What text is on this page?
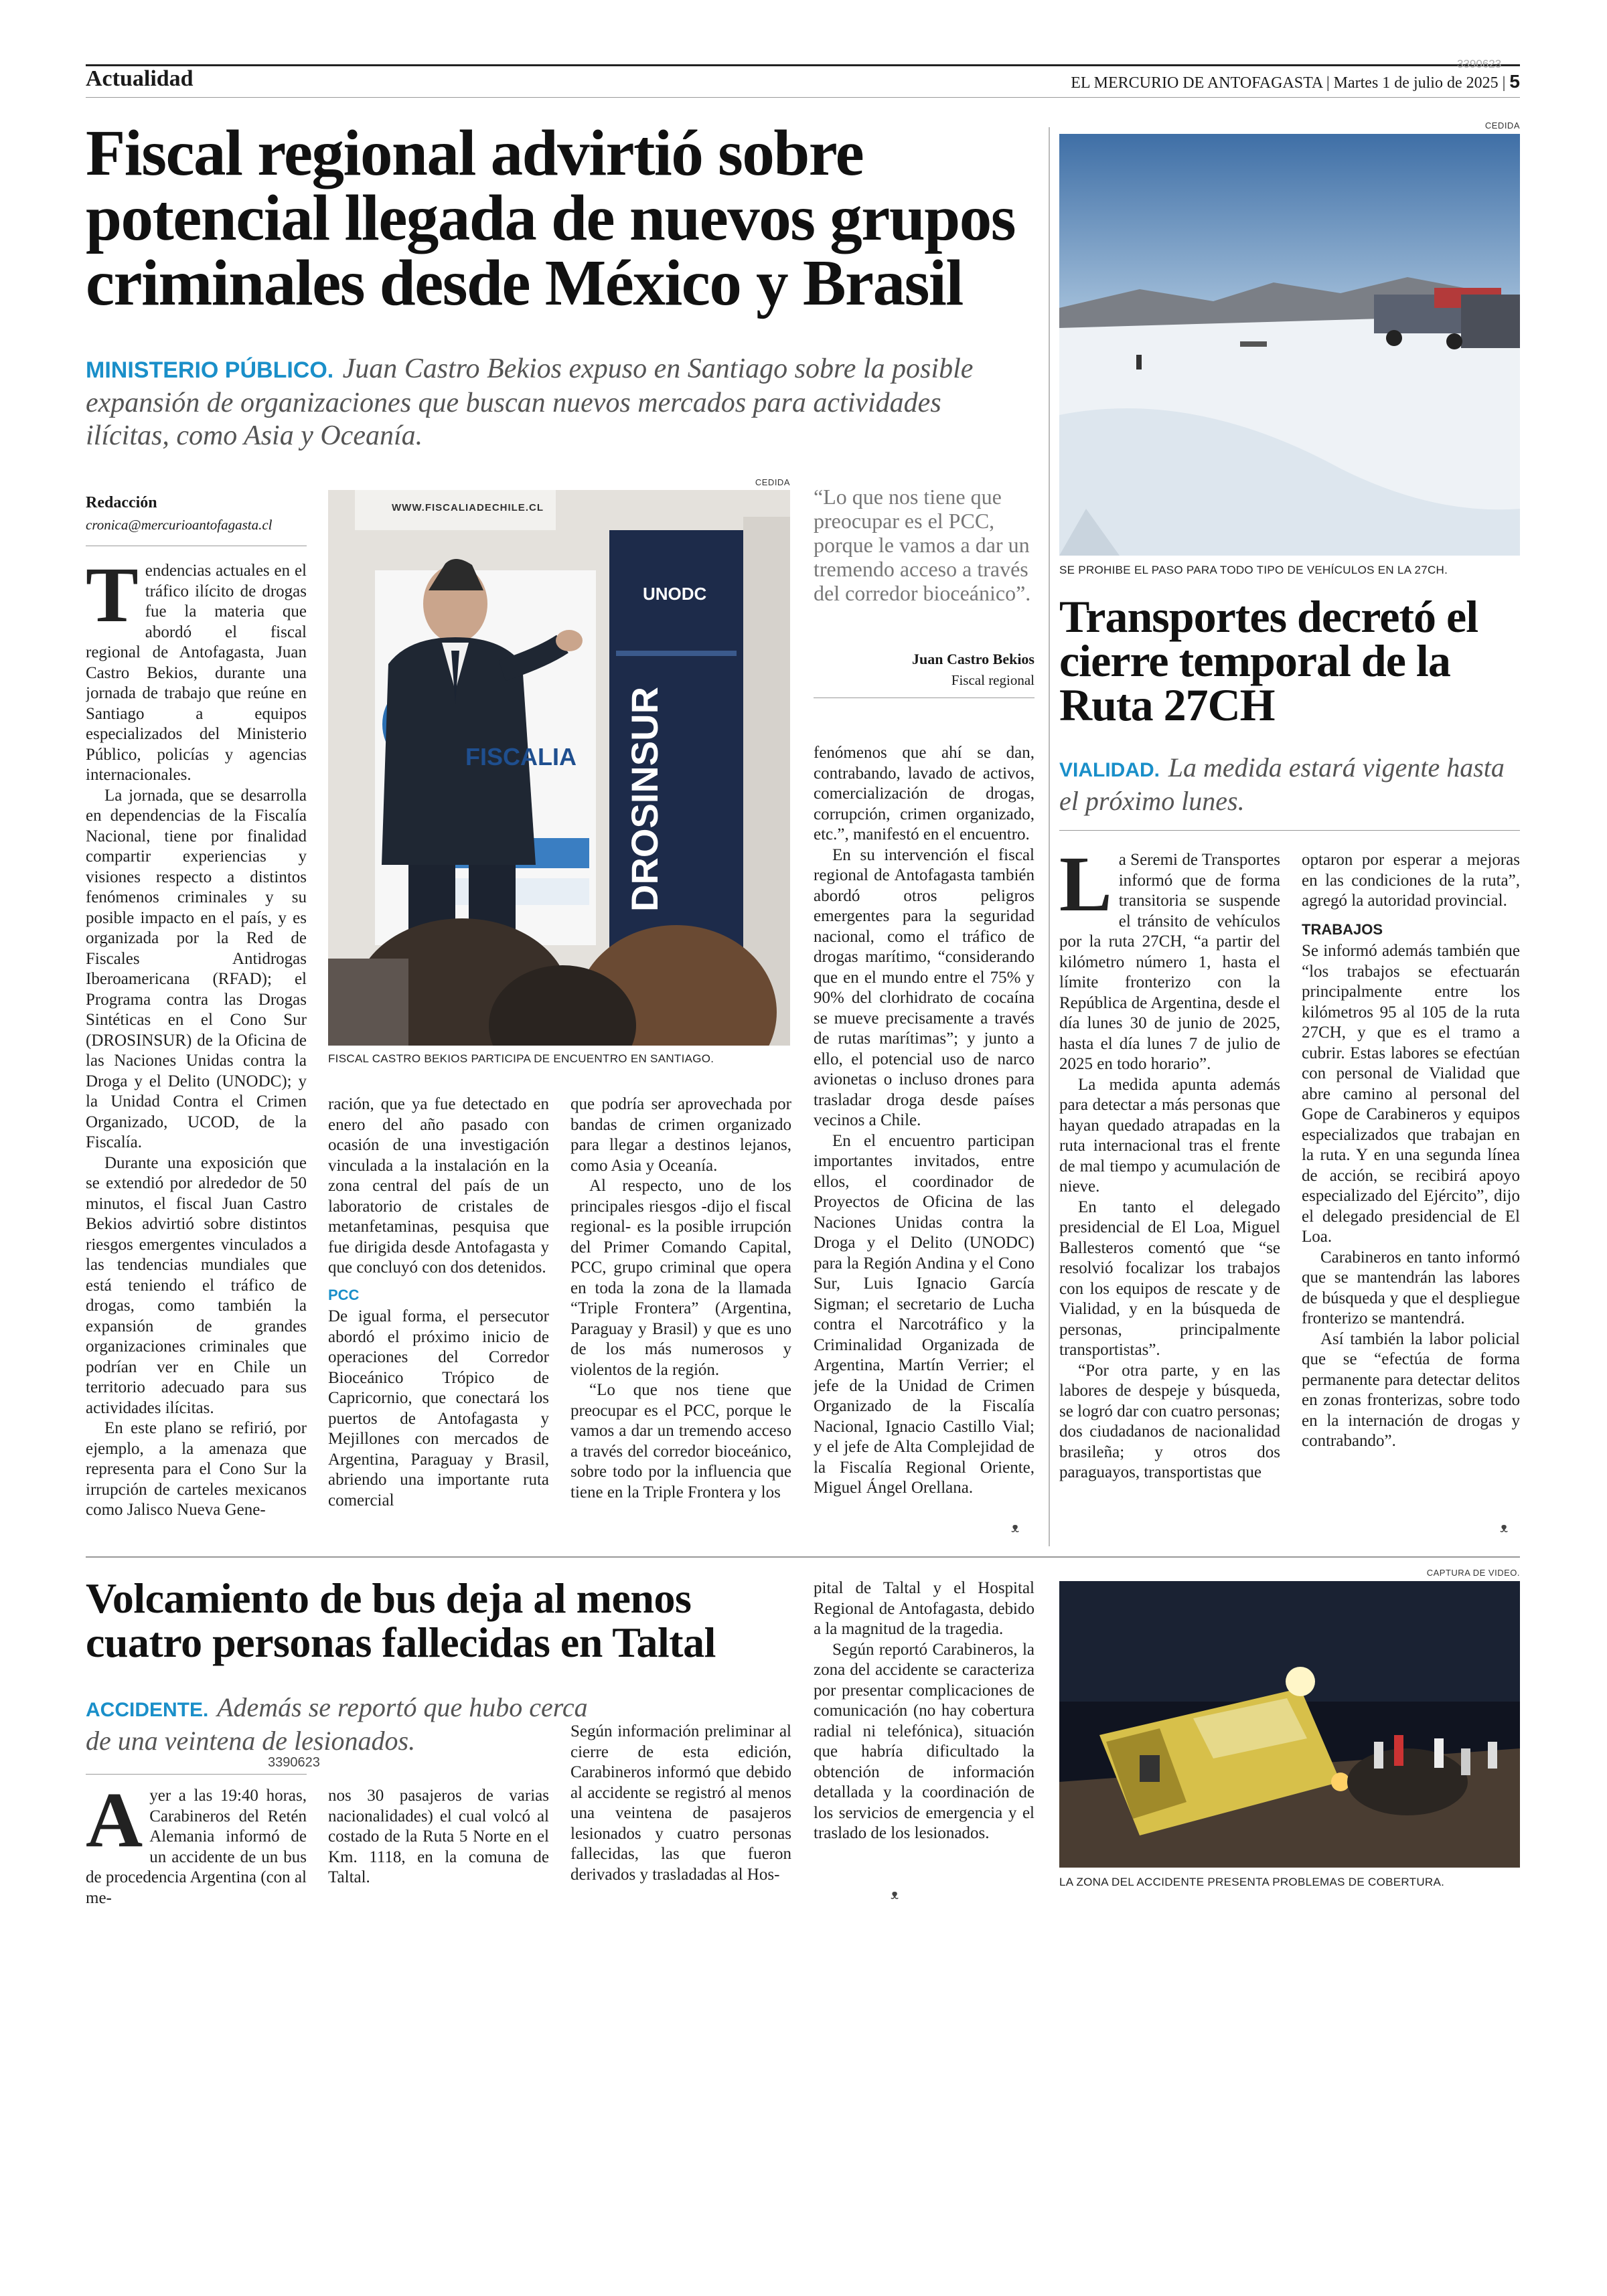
Actualidad	EL MERCURIO DE ANTOFAGASTA | Martes 1 de julio de 2025 | 5
3390623
Fiscal regional advirtió sobre potencial llegada de nuevos grupos criminales desde México y Brasil
MINISTERIO PÚBLICO. Juan Castro Bekios expuso en Santiago sobre la posible expansión de organizaciones que buscan nuevos mercados para actividades ilícitas, como Asia y Oceanía.
Redacción
cronica@mercurioantofagasta.cl

Tendencias actuales en el tráfico ilícito de drogas fue la materia que abordó el fiscal regional de Antofagasta, Juan Castro Bekios, durante una jornada de trabajo que reúne en Santiago a equipos especializados del Ministerio Público, policías y agencias internacionales.

La jornada, que se desarrolla en dependencias de la Fiscalía Nacional, tiene por finalidad compartir experiencias y visiones respecto a distintos fenómenos criminales y su posible impacto en el país, y es organizada por la Red de Fiscales Antidrogas Iberoamericana (RFAD); el Programa contra las Drogas Sintéticas en el Cono Sur (DROSINSUR) de la Oficina de las Naciones Unidas contra la Droga y el Delito (UNODC); y la Unidad Contra el Crimen Organizado, UCOD, de la Fiscalía.

Durante una exposición que se extendió por alrededor de 50 minutos, el fiscal Juan Castro Bekios advirtió sobre distintos riesgos emergentes vinculados a las tendencias mundiales que está teniendo el tráfico de drogas, como también la expansión de grandes organizaciones criminales que podrían ver en Chile un territorio adecuado para sus actividades ilícitas.

En este plano se refirió, por ejemplo, a la amenaza que representa para el Cono Sur la irrupción de carteles mexicanos como Jalisco Nueva Gene-

CEDIDA
WWW.FISCALIADECHILE.CL
UNODC
DROSINSUR
FISCALIA
FISCAL CASTRO BEKIOS PARTICIPA DE ENCUENTRO EN SANTIAGO.
“Lo que nos tiene que preocupar es el PCC, porque le vamos a dar un tremendo acceso a través del corredor bioceánico”.
Juan Castro Bekios
Fiscal regional

ración, que ya fue detectado en enero del año pasado con ocasión de una investigación vinculada a la instalación en la zona central del país de un laboratorio de cristales de metanfetaminas, pesquisa que fue dirigida desde Antofagasta y que concluyó con dos detenidos.

PCC

De igual forma, el persecutor abordó el próximo inicio de operaciones del Corredor Bioceánico Trópico de Capricornio, que conectará los puertos de Antofagasta y Mejillones con mercados de Argentina, Paraguay y Brasil, abriendo una importante ruta comercial

que podría ser aprovechada por bandas de crimen organizado para llegar a destinos lejanos, como Asia y Oceanía.

Al respecto, uno de los principales riesgos -dijo el fiscal regional- es la posible irrupción del Primer Comando Capital, PCC, grupo criminal que opera en toda la zona de la llamada “Triple Frontera” (Argentina, Paraguay y Brasil) y que es uno de los más numerosos y violentos de la región.

“Lo que nos tiene que preocupar es el PCC, porque le vamos a dar un tremendo acceso a través del corredor bioceánico, sobre todo por la influencia que tiene en la Triple Frontera y los

fenómenos que ahí se dan, contrabando, lavado de activos, comercialización de drogas, corrupción, crimen organizado, etc.”, manifestó en el encuentro.

En su intervención el fiscal regional de Antofagasta también abordó otros peligros emergentes para la seguridad nacional, como el tráfico de drogas marítimo, “considerando que en el mundo entre el 75% y 90% del clorhidrato de cocaína se mueve precisamente a través de rutas marítimas”; y junto a ello, el potencial uso de narco avionetas o incluso drones para trasladar droga desde países vecinos a Chile.

En el encuentro participan importantes invitados, entre ellos, el coordinador de Proyectos de Oficina de las Naciones Unidas contra la Droga y el Delito (UNODC) para la Región Andina y el Cono Sur, Luis Ignacio García Sigman; el secretario de Lucha contra el Narcotráfico y la Criminalidad Organizada de Argentina, Martín Verrier; el jefe de la Unidad de Crimen Organizado de la Fiscalía Nacional, Ignacio Castillo Vial; y el jefe de Alta Complejidad de la Fiscalía Regional Oriente, Miguel Ángel Orellana.

ᴥ
CEDIDA
SE PROHIBE EL PASO PARA TODO TIPO DE VEHÍCULOS EN LA 27CH.
Transportes decretó el cierre temporal de la Ruta 27CH
VIALIDAD. La medida estará vigente hasta el próximo lunes.

La Seremi de Transportes informó que de forma transitoria se suspende el tránsito de vehículos por la ruta 27CH, “a partir del kilómetro número 1, hasta el límite fronterizo con la República de Argentina, desde el día lunes 30 de junio de 2025, hasta el día lunes 7 de julio de 2025 en todo horario”.

La medida apunta además para detectar a más personas que hayan quedado atrapadas en la ruta internacional tras el frente de mal tiempo y acumulación de nieve.

En tanto el delegado presidencial de El Loa, Miguel Ballesteros comentó que “se resolvió focalizar los trabajos con los equipos de rescate y de Vialidad, y en la búsqueda de personas, principalmente transportistas”.

“Por otra parte, y en las labores de despeje y búsqueda, se logró dar con cuatro personas; dos ciudadanos de nacionalidad brasileña; y otros dos paraguayos, transportistas que

optaron por esperar a mejoras en las condiciones de la ruta”, agregó la autoridad provincial.

TRABAJOS

Se informó además también que “los trabajos se efectuarán principalmente entre los kilómetros 95 al 105 de la ruta 27CH, y que es el tramo a cubrir. Estas labores se efectúan con personal de Vialidad que abre camino al personal del Gope de Carabineros y equipos especializados que trabajan en la ruta. Y en una segunda línea de acción, se recibirá apoyo especializado del Ejército”, dijo el delegado presidencial de El Loa.

Carabineros en tanto informó que se mantendrán las labores de búsqueda y que el despliegue fronterizo se mantendrá.

Así también la labor policial que se “efectúa de forma permanente para detectar delitos en zonas fronterizas, sobre todo en la internación de drogas y contrabando”.

ᴥ
Volcamiento de bus deja al menos cuatro personas fallecidas en Taltal
ACCIDENTE. Además se reportó que hubo cerca de una veintena de lesionados.
3390623

Ayer a las 19:40 horas, Carabineros del Retén Alemania informó de un accidente de un bus de procedencia Argentina (con al me-

nos 30 pasajeros de varias nacionalidades) el cual volcó al costado de la Ruta 5 Norte en el Km. 1118, en la comuna de Taltal.

Según información preliminar al cierre de esta edición, Carabineros informó que debido al accidente se registró al menos una veintena de pasajeros lesionados y cuatro personas fallecidas, las que fueron derivados y trasladadas al Hos-

pital de Taltal y el Hospital Regional de Antofagasta, debido a la magnitud de la tragedia.

Según reportó Carabineros, la zona del accidente se caracteriza por presentar complicaciones de comunicación (no hay cobertura radial ni telefónica), situación que habría dificultado la obtención de información detallada y la coordinación de los servicios de emergencia y el traslado de los lesionados.

ᴥ
CAPTURA DE VIDEO.
LA ZONA DEL ACCIDENTE PRESENTA PROBLEMAS DE COBERTURA.
